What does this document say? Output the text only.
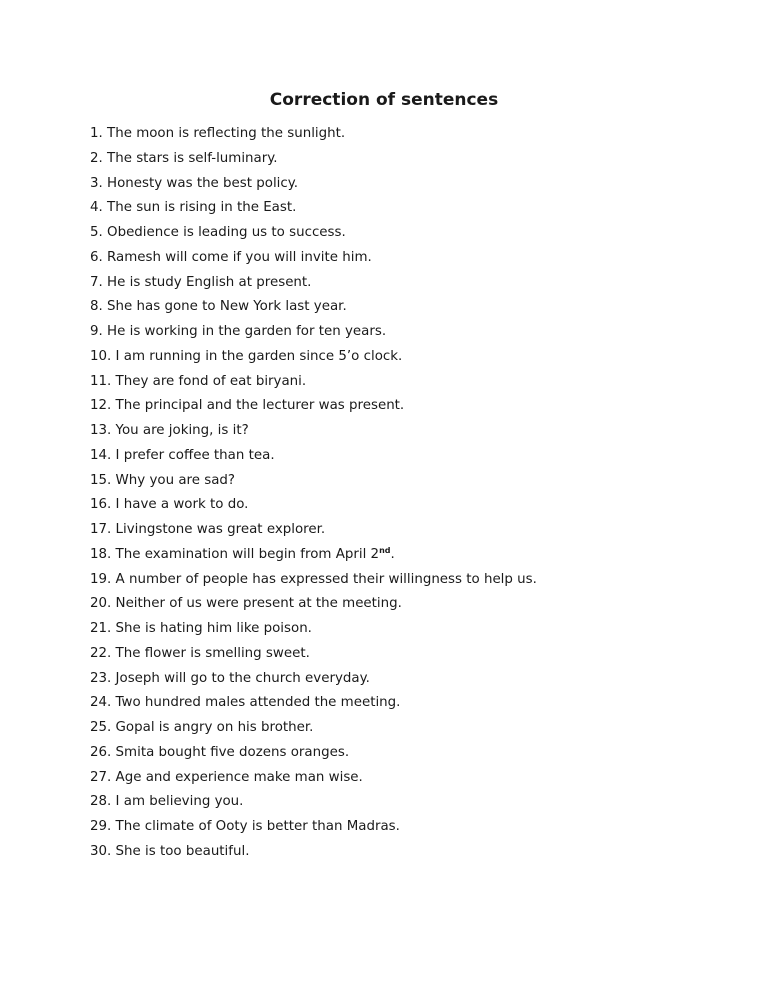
Correction of sentences
1. The moon is reflecting the sunlight.
2. The stars is self-luminary.
3. Honesty was the best policy.
4. The sun is rising in the East.
5. Obedience is leading us to success.
6. Ramesh will come if you will invite him.
7. He is study English at present.
8. She has gone to New York last year.
9. He is working in the garden for ten years.
10. I am running in the garden since 5’o clock.
11. They are fond of eat biryani.
12. The principal and the lecturer was present.
13. You are joking, is it?
14. I prefer coffee than tea.
15. Why you are sad?
16. I have a work to do.
17. Livingstone was great explorer.
18. The examination will begin from April 2nd.
19. A number of people has expressed their willingness to help us.
20. Neither of us were present at the meeting.
21. She is hating him like poison.
22. The flower is smelling sweet.
23. Joseph will go to the church everyday.
24. Two hundred males attended the meeting.
25. Gopal is angry on his brother.
26. Smita bought five dozens oranges.
27. Age and experience make man wise.
28. I am believing you.
29. The climate of Ooty is better than Madras.
30. She is too beautiful.
